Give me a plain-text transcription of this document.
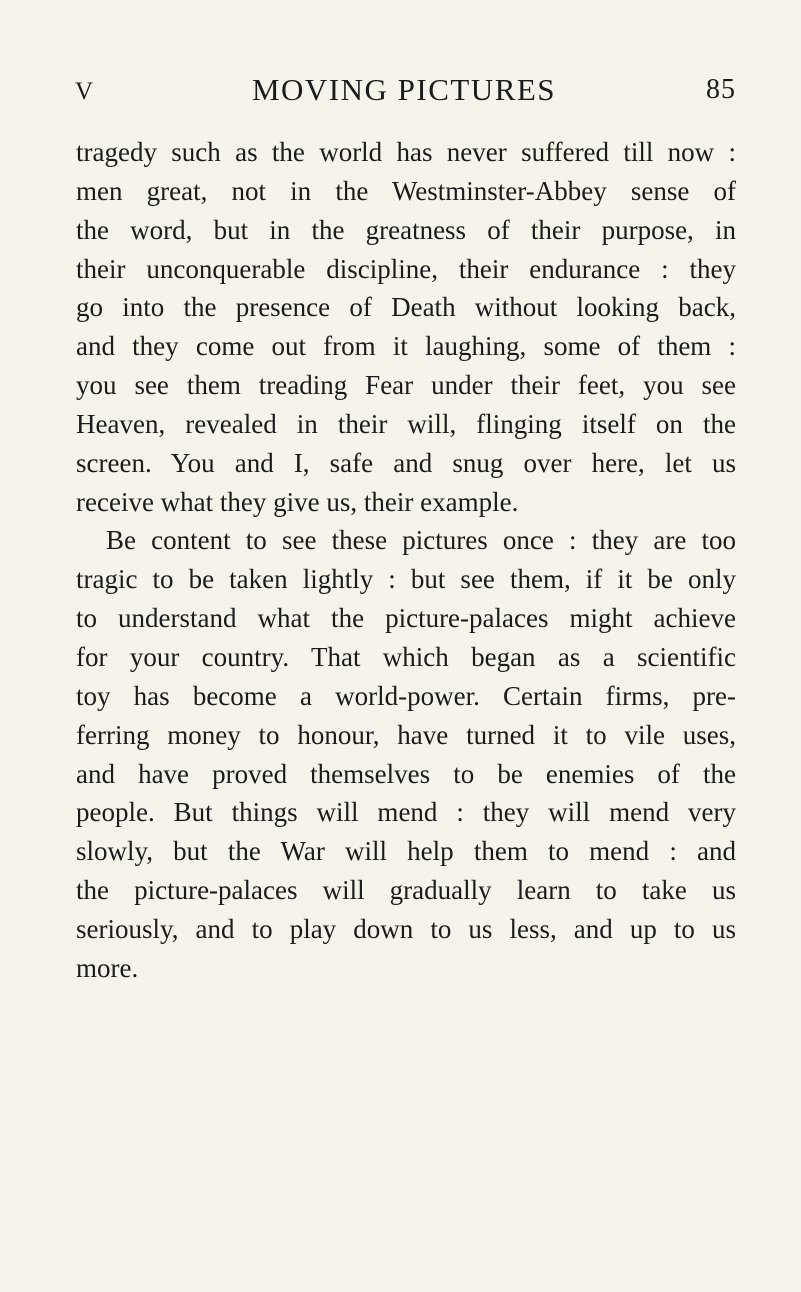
V	MOVING PICTURES	85
tragedy such as the world has never suffered till now :
men great, not in the Westminster-Abbey sense of
the word, but in the greatness of their purpose, in
their unconquerable discipline, their endurance : they
go into the presence of Death without looking back,
and they come out from it laughing, some of them :
you see them treading Fear under their feet, you see
Heaven, revealed in their will, flinging itself on the
screen. You and I, safe and snug over here, let us
receive what they give us, their example.
Be content to see these pictures once : they are too
tragic to be taken lightly : but see them, if it be only
to understand what the picture-palaces might achieve
for your country. That which began as a scientific
toy has become a world-power. Certain firms, pre-
ferring money to honour, have turned it to vile uses,
and have proved themselves to be enemies of the
people. But things will mend : they will mend very
slowly, but the War will help them to mend : and
the picture-palaces will gradually learn to take us
seriously, and to play down to us less, and up to us
more.
